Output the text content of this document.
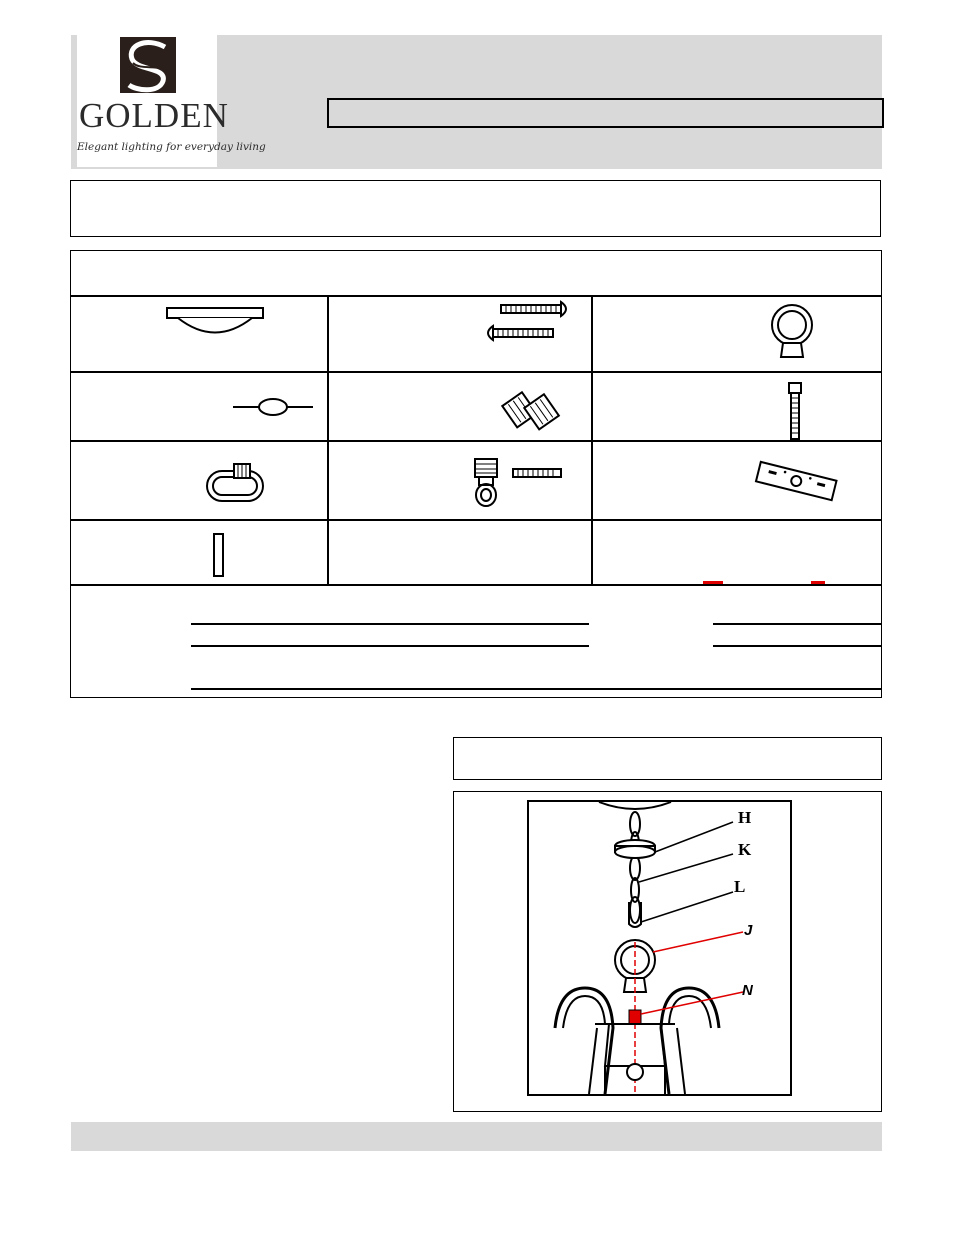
GOLDEN
Elegant lighting for everyday living
H
K
L
J
N
